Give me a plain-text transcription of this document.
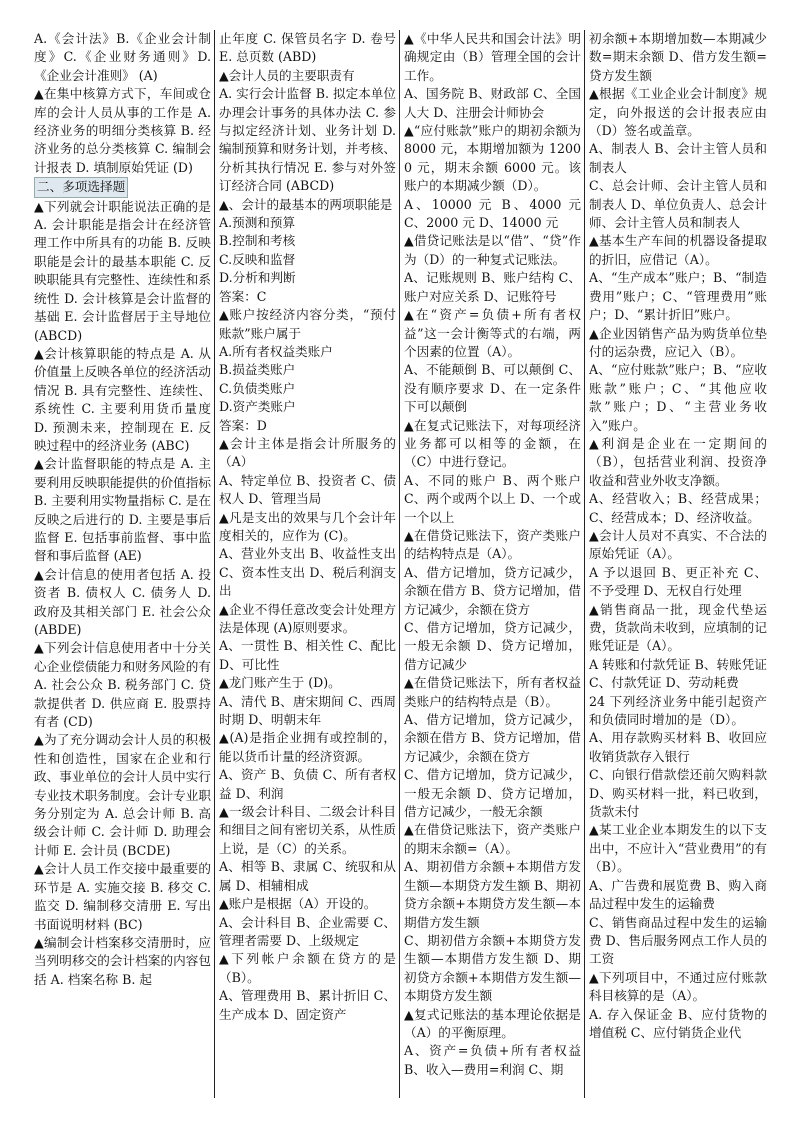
A.《会计法》B.《企业会计制度》C.《企业财务通则》D.《企业会计准则》 (A)

▲在集中核算方式下，车间或仓库的会计人员从事的工作是 A. 经济业务的明细分类核算 B. 经济业务的总分类核算 C. 编制会计报表 D. 填制原始凭证 (D)

二、多项选择题

▲下列就会计职能说法正确的是 A. 会计职能是指会计在经济管理工作中所具有的功能 B. 反映职能是会计的最基本职能 C. 反映职能具有完整性、连续性和系统性 D. 会计核算是会计监督的基础 E. 会计监督居于主导地位 (ABCD)

▲会计核算职能的特点是 A. 从价值量上反映各单位的经济活动情况 B. 具有完整性、连续性、系统性 C. 主要利用货币量度 D. 预测未来，控制现在 E. 反映过程中的经济业务 (ABC)

▲会计监督职能的特点是 A. 主要利用反映职能提供的价值指标 B. 主要利用实物量指标 C. 是在反映之后进行的 D. 主要是事后监督 E. 包括事前监督、事中监督和事后监督 (AE)

▲会计信息的使用者包括 A. 投资者 B. 债权人 C. 债务人 D. 政府及其相关部门 E. 社会公众 (ABDE)

▲下列会计信息使用者中十分关心企业偿债能力和财务风险的有 A. 社会公众 B. 税务部门 C. 贷款提供者 D. 供应商 E. 股票持有者 (CD)

▲为了充分调动会计人员的积极性和创造性，国家在企业和行政、事业单位的会计人员中实行专业技术职务制度。会计专业职务分别定为 A. 总会计师 B. 高级会计师 C. 会计师 D. 助理会计师 E. 会计员 (BCDE)

▲会计人员工作交接中最重要的环节是 A. 实施交接 B. 移交 C. 监交 D. 编制移交清册 E. 写出书面说明材料 (BC)

▲编制会计档案移交清册时，应当列明移交的会计档案的内容包括 A. 档案名称 B. 起

止年度 C. 保管员名字 D. 卷号 E. 总页数 (ABD)

▲会计人员的主要职责有

A. 实行会计监督 B. 拟定本单位办理会计事务的具体办法 C. 参与拟定经济计划、业务计划 D. 编制预算和财务计划，并考核、分析其执行情况 E. 参与对外签订经济合同 (ABCD)

▲、会计的最基本的两项职能是

A.预测和预算

B.控制和考核

C.反映和监督

D.分析和判断

答案：C

▲账户按经济内容分类，“预付账款”账户属于

A.所有者权益类账户

B.损益类账户

C.负债类账户

D.资产类账户

答案：D

▲会计主体是指会计所服务的（A）

A、特定单位 B、投资者 C、债权人 D、管理当局

▲凡是支出的效果与几个会计年度相关的，应作为 (C)。

A、营业外支出 B、收益性支出 C、资本性支出 D、税后利润支出

▲企业不得任意改变会计处理方法是体现 (A)原则要求。

A、一贯性 B、相关性 C、配比 D、可比性

▲龙门账产生于 (D)。

A、清代 B、唐宋期间 C、西周时期 D、明朝末年

▲(A)是指企业拥有或控制的，能以货币计量的经济资源。

A、资产 B、负债 C、所有者权益 D、利润

▲一级会计科目、二级会计科目和细目之间有密切关系，从性质上说，是（C）的关系。

A、相等 B、隶属 C、统驭和从属 D、相辅相成

▲账户是根据（A）开设的。

A、会计科目 B、企业需要 C、管理者需要 D、上级规定

▲下列帐户余额在贷方的是（B）。

A、管理费用 B、累计折旧 C、生产成本 D、固定资产

▲《中华人民共和国会计法》明确规定由（B）管理全国的会计工作。

A、国务院 B、财政部 C、全国人大 D、注册会计师协会

▲“应付账款”账户的期初余额为 8000 元，本期增加额为 12000 元，期末余额 6000 元。该账户的本期减少额（D）。

A、10000 元 B、4000 元 C、2000 元 D、14000 元

▲借贷记账法是以“借”、“贷”作为（D）的一种复式记账法。

A、记账规则 B、账户结构 C、账户对应关系 D、记账符号

▲在“资产=负债+所有者权益”这一会计衡等式的右端，两个因素的位置（A）。

A、不能颠倒 B、可以颠倒 C、没有顺序要求 D、在一定条件下可以颠倒

▲在复式记账法下，对每项经济业务都可以相等的金额，在（C）中进行登记。

A、不同的账户 B、两个账户 C、两个或两个以上 D、一个或一个以上

▲在借贷记账法下，资产类账户的结构特点是（A）。

A、借方记增加，贷方记减少，余额在借方 B、贷方记增加，借方记减少，余额在贷方

C、借方记增加，贷方记减少，一般无余额 D、贷方记增加，借方记减少

▲在借贷记账法下，所有者权益类账户的结构特点是（B）。

A、借方记增加，贷方记减少，余额在借方 B、贷方记增加，借方记减少，余额在贷方

C、借方记增加，贷方记减少，一般无余额 D、贷方记增加，借方记减少，一般无余额

▲在借贷记账法下，资产类账户的期末余额=（A）。

A、期初借方余额+本期借方发生额—本期贷方发生额 B、期初贷方余额+本期贷方发生额—本期借方发生额

C、期初借方余额+本期贷方发生额—本期借方发生额 D、期初贷方余额+本期借方发生额—本期贷方发生额

▲复式记账法的基本理论依据是（A）的平衡原理。

A、资产=负债+所有者权益 B、收入—费用=利润 C、期

初余额+本期增加数—本期减少数=期末余额 D、借方发生额=贷方发生额

▲根据《工业企业会计制度》规定，向外报送的会计报表应由（D）签名或盖章。

A、制表人 B、会计主管人员和制表人

C、总会计师、会计主管人员和制表人 D、单位负责人、总会计师、会计主管人员和制表人

▲基本生产车间的机器设备提取的折旧，应借记（A）。

A、“生产成本”账户；B、“制造费用”账户；C、“管理费用”账户；D、“累计折旧”账户。

▲企业因销售产品为购货单位垫付的运杂费，应记入（B）。

A、“应付账款”账户；B、“应收账款”账户；C、“其他应收款”账户；D、“主营业务收入”账户。

▲利润是企业在一定期间的（B），包括营业利润、投资净收益和营业外收支净额。

A、经营收入；B、经营成果；C、经营成本；D、经济收益。

▲会计人员对不真实、不合法的原始凭证（A）。

A 予以退回 B、更正补充 C、不予受理 D、无权自行处理

▲销售商品一批，现金代垫运费，货款尚未收到，应填制的记账凭证是（A）。

A 转账和付款凭证 B、转账凭证 C、付款凭证 D、劳动耗费

24 下列经济业务中能引起资产和负债同时增加的是（D）。

A、用存款购买材料 B、收回应收销货款存入银行

C、向银行借款偿还前欠购料款 D、购买材料一批，料已收到，货款未付

▲某工业企业本期发生的以下支出中，不应计入“营业费用”的有（B）。

A、广告费和展览费 B、购入商品过程中发生的运输费

C、销售商品过程中发生的运输费 D、售后服务网点工作人员的工资

▲下列项目中，不通过应付账款科目核算的是（A）。

A. 存入保证金 B、应付货物的增值税 C、应付销货企业代
